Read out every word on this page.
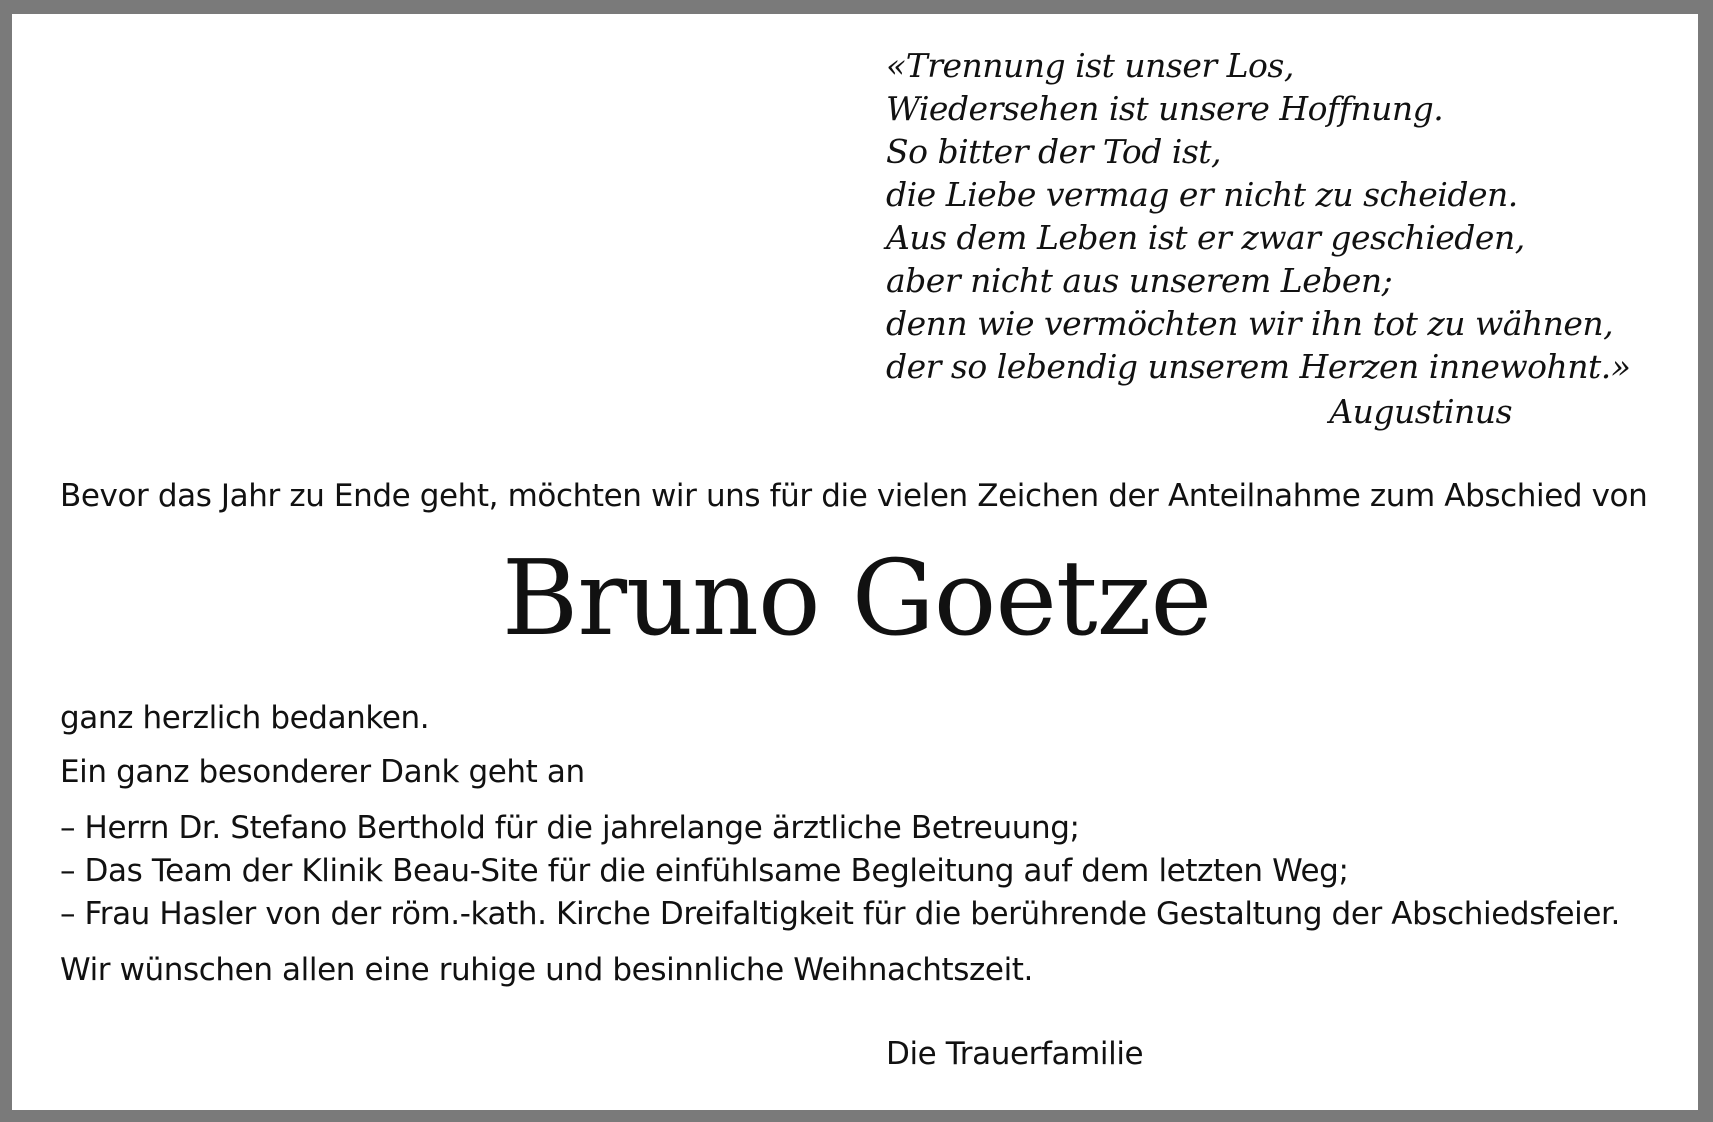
«Trennung ist unser Los,
Wiedersehen ist unsere Hoffnung.
So bitter der Tod ist,
die Liebe vermag er nicht zu scheiden.
Aus dem Leben ist er zwar geschieden,
aber nicht aus unserem Leben;
denn wie vermöchten wir ihn tot zu wähnen,
der so lebendig unserem Herzen innewohnt.»
Augustinus
Bevor das Jahr zu Ende geht, möchten wir uns für die vielen Zeichen der Anteilnahme zum Abschied von
Bruno Goetze
ganz herzlich bedanken.
Ein ganz besonderer Dank geht an
– Herrn Dr. Stefano Berthold für die jahrelange ärztliche Betreuung;
– Das Team der Klinik Beau-Site für die einfühlsame Begleitung auf dem letzten Weg;
– Frau Hasler von der röm.-kath. Kirche Dreifaltigkeit für die berührende Gestaltung der Abschiedsfeier.
Wir wünschen allen eine ruhige und besinnliche Weihnachtszeit.
Die Trauerfamilie
